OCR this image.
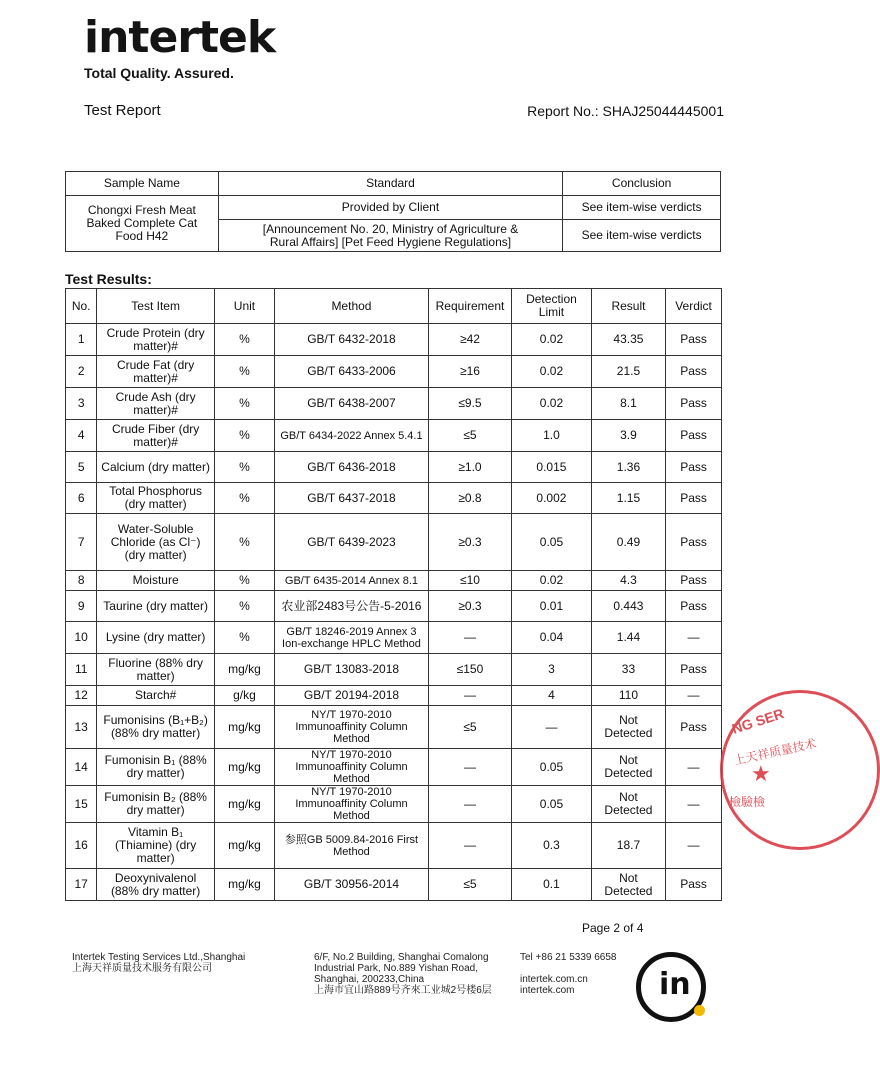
intertek
Total Quality. Assured.
Test Report	Report No.: SHAJ25044445001
Sample Name	Standard	Conclusion
Chongxi Fresh Meat Baked Complete Cat Food H42	Provided by Client	See item-wise verdicts
	[Announcement No. 20, Ministry of Agriculture & Rural Affairs] [Pet Feed Hygiene Regulations]	See item-wise verdicts
Test Results:
No.	Test Item	Unit	Method	Requirement	Detection Limit	Result	Verdict
1	Crude Protein (dry matter)#	%	GB/T 6432-2018	≥42	0.02	43.35	Pass
2	Crude Fat (dry matter)#	%	GB/T 6433-2006	≥16	0.02	21.5	Pass
3	Crude Ash (dry matter)#	%	GB/T 6438-2007	≤9.5	0.02	8.1	Pass
4	Crude Fiber (dry matter)#	%	GB/T 6434-2022 Annex 5.4.1	≤5	1.0	3.9	Pass
5	Calcium (dry matter)	%	GB/T 6436-2018	≥1.0	0.015	1.36	Pass
6	Total Phosphorus (dry matter)	%	GB/T 6437-2018	≥0.8	0.002	1.15	Pass
7	Water-Soluble Chloride (as Cl⁻) (dry matter)	%	GB/T 6439-2023	≥0.3	0.05	0.49	Pass
8	Moisture	%	GB/T 6435-2014 Annex 8.1	≤10	0.02	4.3	Pass
9	Taurine (dry matter)	%	农业部2483号公告-5-2016	≥0.3	0.01	0.443	Pass
10	Lysine (dry matter)	%	GB/T 18246-2019 Annex 3 Ion-exchange HPLC Method	—	0.04	1.44	—
11	Fluorine (88% dry matter)	mg/kg	GB/T 13083-2018	≤150	3	33	Pass
12	Starch#	g/kg	GB/T 20194-2018	—	4	110	—
13	Fumonisins (B₁+B₂) (88% dry matter)	mg/kg	NY/T 1970-2010 Immunoaffinity Column Method	≤5	—	Not Detected	Pass
14	Fumonisin B₁ (88% dry matter)	mg/kg	NY/T 1970-2010 Immunoaffinity Column Method	—	0.05	Not Detected	—
15	Fumonisin B₂ (88% dry matter)	mg/kg	NY/T 1970-2010 Immunoaffinity Column Method	—	0.05	Not Detected	—
16	Vitamin B₁ (Thiamine) (dry matter)	mg/kg	参照GB 5009.84-2016 First Method	—	0.3	18.7	—
17	Deoxynivalenol (88% dry matter)	mg/kg	GB/T 30956-2014	≤5	0.1	Not Detected	Pass
Page 2 of 4
Intertek Testing Services Ltd.,Shanghai
上海天祥质量技术服务有限公司
6/F, No.2 Building, Shanghai Comalong
Industrial Park, No.889 Yishan Road,
Shanghai, 200233,China
上海市宜山路889号齐來工业城2号楼6层
Tel +86 21 5339 6658
intertek.com.cn
intertek.com	in
NG SER
上天祥质量技术
★
檢驗檢
